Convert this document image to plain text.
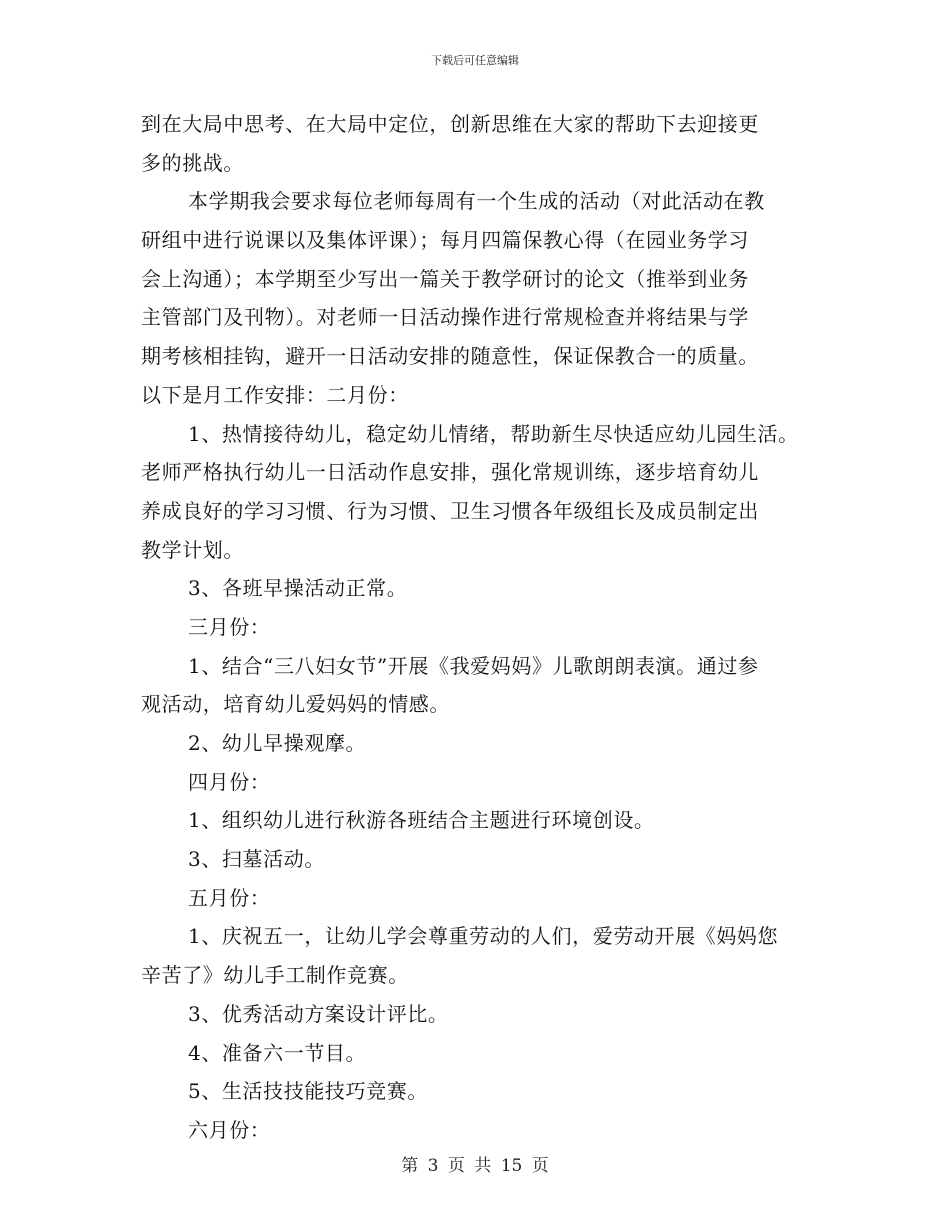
下载后可任意编辑
到在大局中思考、在大局中定位，创新思维在大家的帮助下去迎接更
多的挑战。
本学期我会要求每位老师每周有一个生成的活动（对此活动在教
研组中进行说课以及集体评课）；每月四篇保教心得（在园业务学习
会上沟通）；本学期至少写出一篇关于教学研讨的论文（推举到业务
主管部门及刊物）。对老师一日活动操作进行常规检查并将结果与学
期考核相挂钩，避开一日活动安排的随意性，保证保教合一的质量。
以下是月工作安排：二月份：
1、热情接待幼儿，稳定幼儿情绪，帮助新生尽快适应幼儿园生活。
老师严格执行幼儿一日活动作息安排，强化常规训练，逐步培育幼儿
养成良好的学习习惯、行为习惯、卫生习惯各年级组长及成员制定出
教学计划。
3、各班早操活动正常。
三月份：
1、结合“三八妇女节”开展《我爱妈妈》儿歌朗朗表演。通过参
观活动，培育幼儿爱妈妈的情感。
2、幼儿早操观摩。
四月份：
1、组织幼儿进行秋游各班结合主题进行环境创设。
3、扫墓活动。
五月份：
1、庆祝五一，让幼儿学会尊重劳动的人们，爱劳动开展《妈妈您
辛苦了》幼儿手工制作竞赛。
3、优秀活动方案设计评比。
4、准备六一节目。
5、生活技技能技巧竞赛。
六月份：
第 3 页 共 15 页
